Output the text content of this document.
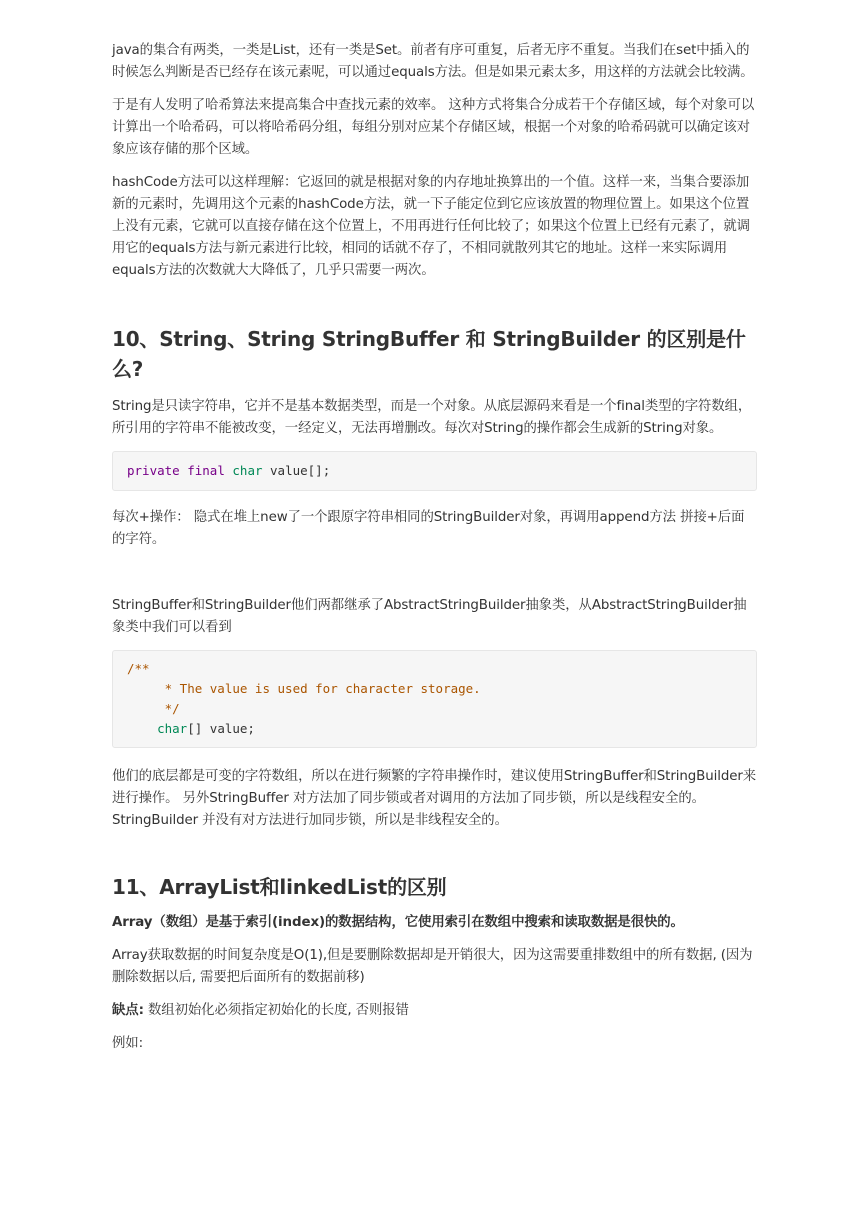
java的集合有两类，一类是List，还有一类是Set。前者有序可重复，后者无序不重复。当我们在set中插入的时候怎么判断是否已经存在该元素呢，可以通过equals方法。但是如果元素太多，用这样的方法就会比较满。

于是有人发明了哈希算法来提高集合中查找元素的效率。 这种方式将集合分成若干个存储区域，每个对象可以计算出一个哈希码，可以将哈希码分组，每组分别对应某个存储区域，根据一个对象的哈希码就可以确定该对象应该存储的那个区域。

hashCode方法可以这样理解：它返回的就是根据对象的内存地址换算出的一个值。这样一来，当集合要添加新的元素时，先调用这个元素的hashCode方法，就一下子能定位到它应该放置的物理位置上。如果这个位置上没有元素，它就可以直接存储在这个位置上，不用再进行任何比较了；如果这个位置上已经有元素了，就调用它的equals方法与新元素进行比较，相同的话就不存了，不相同就散列其它的地址。这样一来实际调用equals方法的次数就大大降低了，几乎只需要一两次。

10、String、String StringBuffer 和 StringBuilder 的区别是什么?

String是只读字符串，它并不是基本数据类型，而是一个对象。从底层源码来看是一个final类型的字符数组，所引用的字符串不能被改变，一经定义，无法再增删改。每次对String的操作都会生成新的String对象。

private final char value[];

每次+操作： 隐式在堆上new了一个跟原字符串相同的StringBuilder对象，再调用append方法 拼接+后面的字符。

StringBuffer和StringBuilder他们两都继承了AbstractStringBuilder抽象类，从AbstractStringBuilder抽象类中我们可以看到

/**
* The value is used for character storage.
*/
char[] value;

他们的底层都是可变的字符数组，所以在进行频繁的字符串操作时，建议使用StringBuffer和StringBuilder来进行操作。 另外StringBuffer 对方法加了同步锁或者对调用的方法加了同步锁，所以是线程安全的。StringBuilder 并没有对方法进行加同步锁，所以是非线程安全的。

11、ArrayList和linkedList的区别

Array（数组）是基于索引(index)的数据结构，它使用索引在数组中搜索和读取数据是很快的。

Array获取数据的时间复杂度是O(1),但是要删除数据却是开销很大，因为这需要重排数组中的所有数据, (因为删除数据以后, 需要把后面所有的数据前移)

缺点: 数组初始化必须指定初始化的长度, 否则报错

例如:
